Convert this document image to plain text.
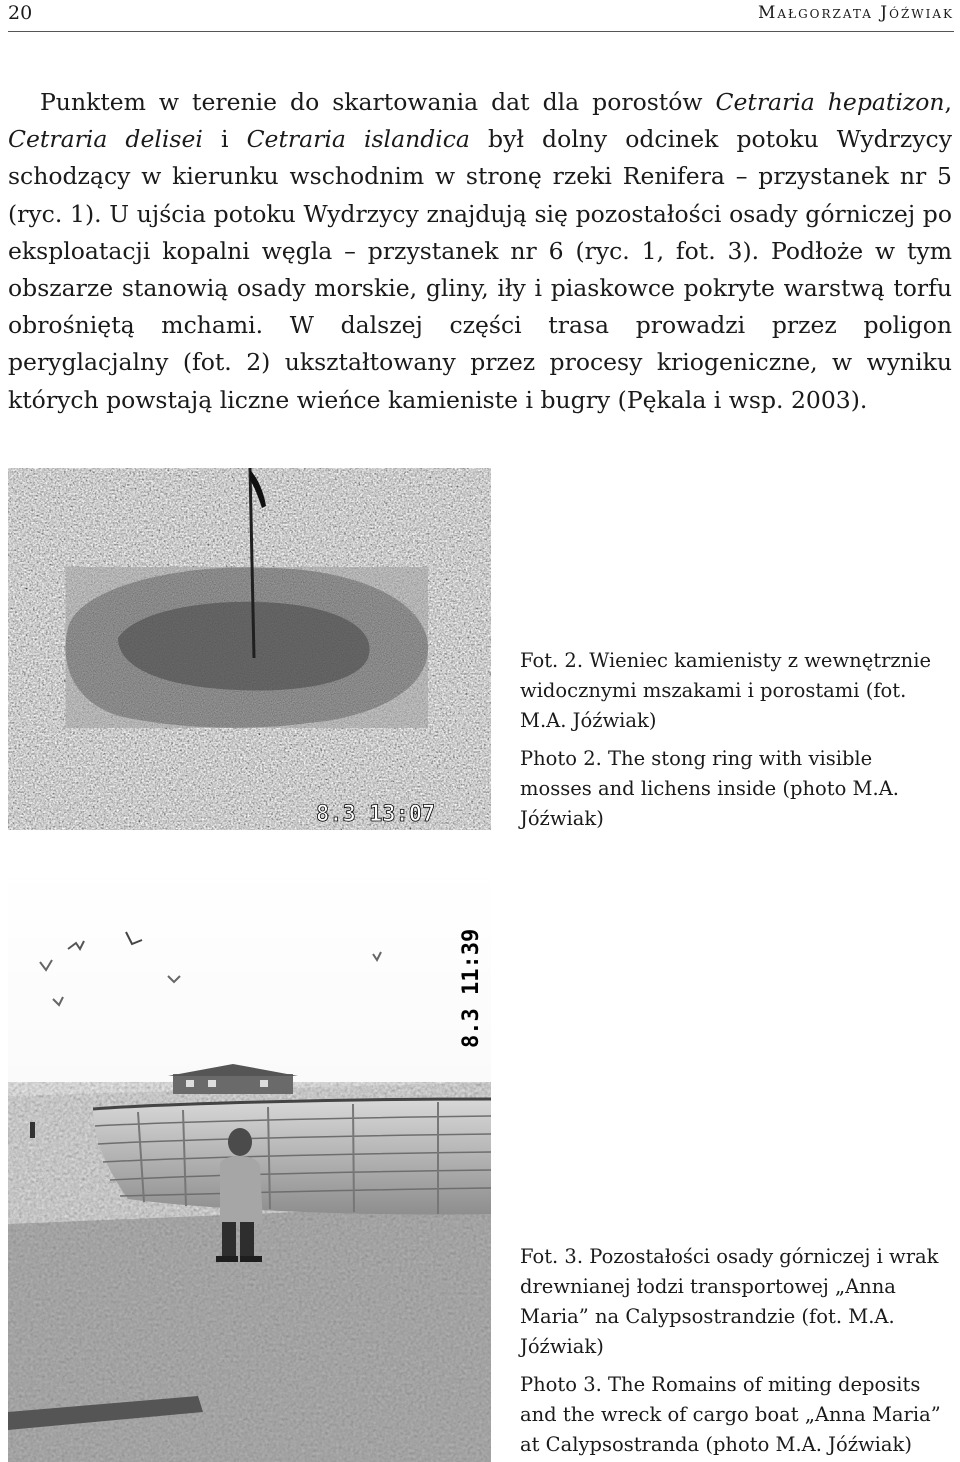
20	Małgorzata Jóźwiak

Punktem w terenie do skartowania dat dla porostów Cetraria hepatizon, Cetraria delisei i Cetraria islandica był dolny odcinek potoku Wydrzycy schodzący w kierunku wschodnim w stronę rzeki Renifera – przystanek nr 5 (ryc. 1). U ujścia potoku Wydrzycy znajdują się pozostałości osady górniczej po eksploatacji kopalni węgla – przystanek nr 6 (ryc. 1, fot. 3). Podłoże w tym obszarze stanowią osady morskie, gliny, iły i piaskowce pokryte warstwą torfu obrośniętą mchami. W dalszej części trasa prowadzi przez poligon peryglacjalny (fot. 2) ukształtowany przez procesy kriogeniczne, w wyniku których powstają liczne wieńce kamieniste i bugry (Pękala i wsp. 2003).

8.3 13:07

Fot. 2. Wieniec kamienisty z wewnętrznie widocznymi mszakami i porostami (fot. M.A. Jóźwiak)

Photo 2. The stong ring with visible mosses and lichens inside (photo M.A. Jóźwiak)

8.3 11:39

Fot. 3. Pozostałości osady górniczej i wrak drewnianej łodzi transportowej „Anna Maria” na Calypsostrandzie (fot. M.A. Jóźwiak)

Photo 3. The Romains of miting deposits and the wreck of cargo boat „Anna Maria” at Calypsostranda (photo M.A. Jóźwiak)
